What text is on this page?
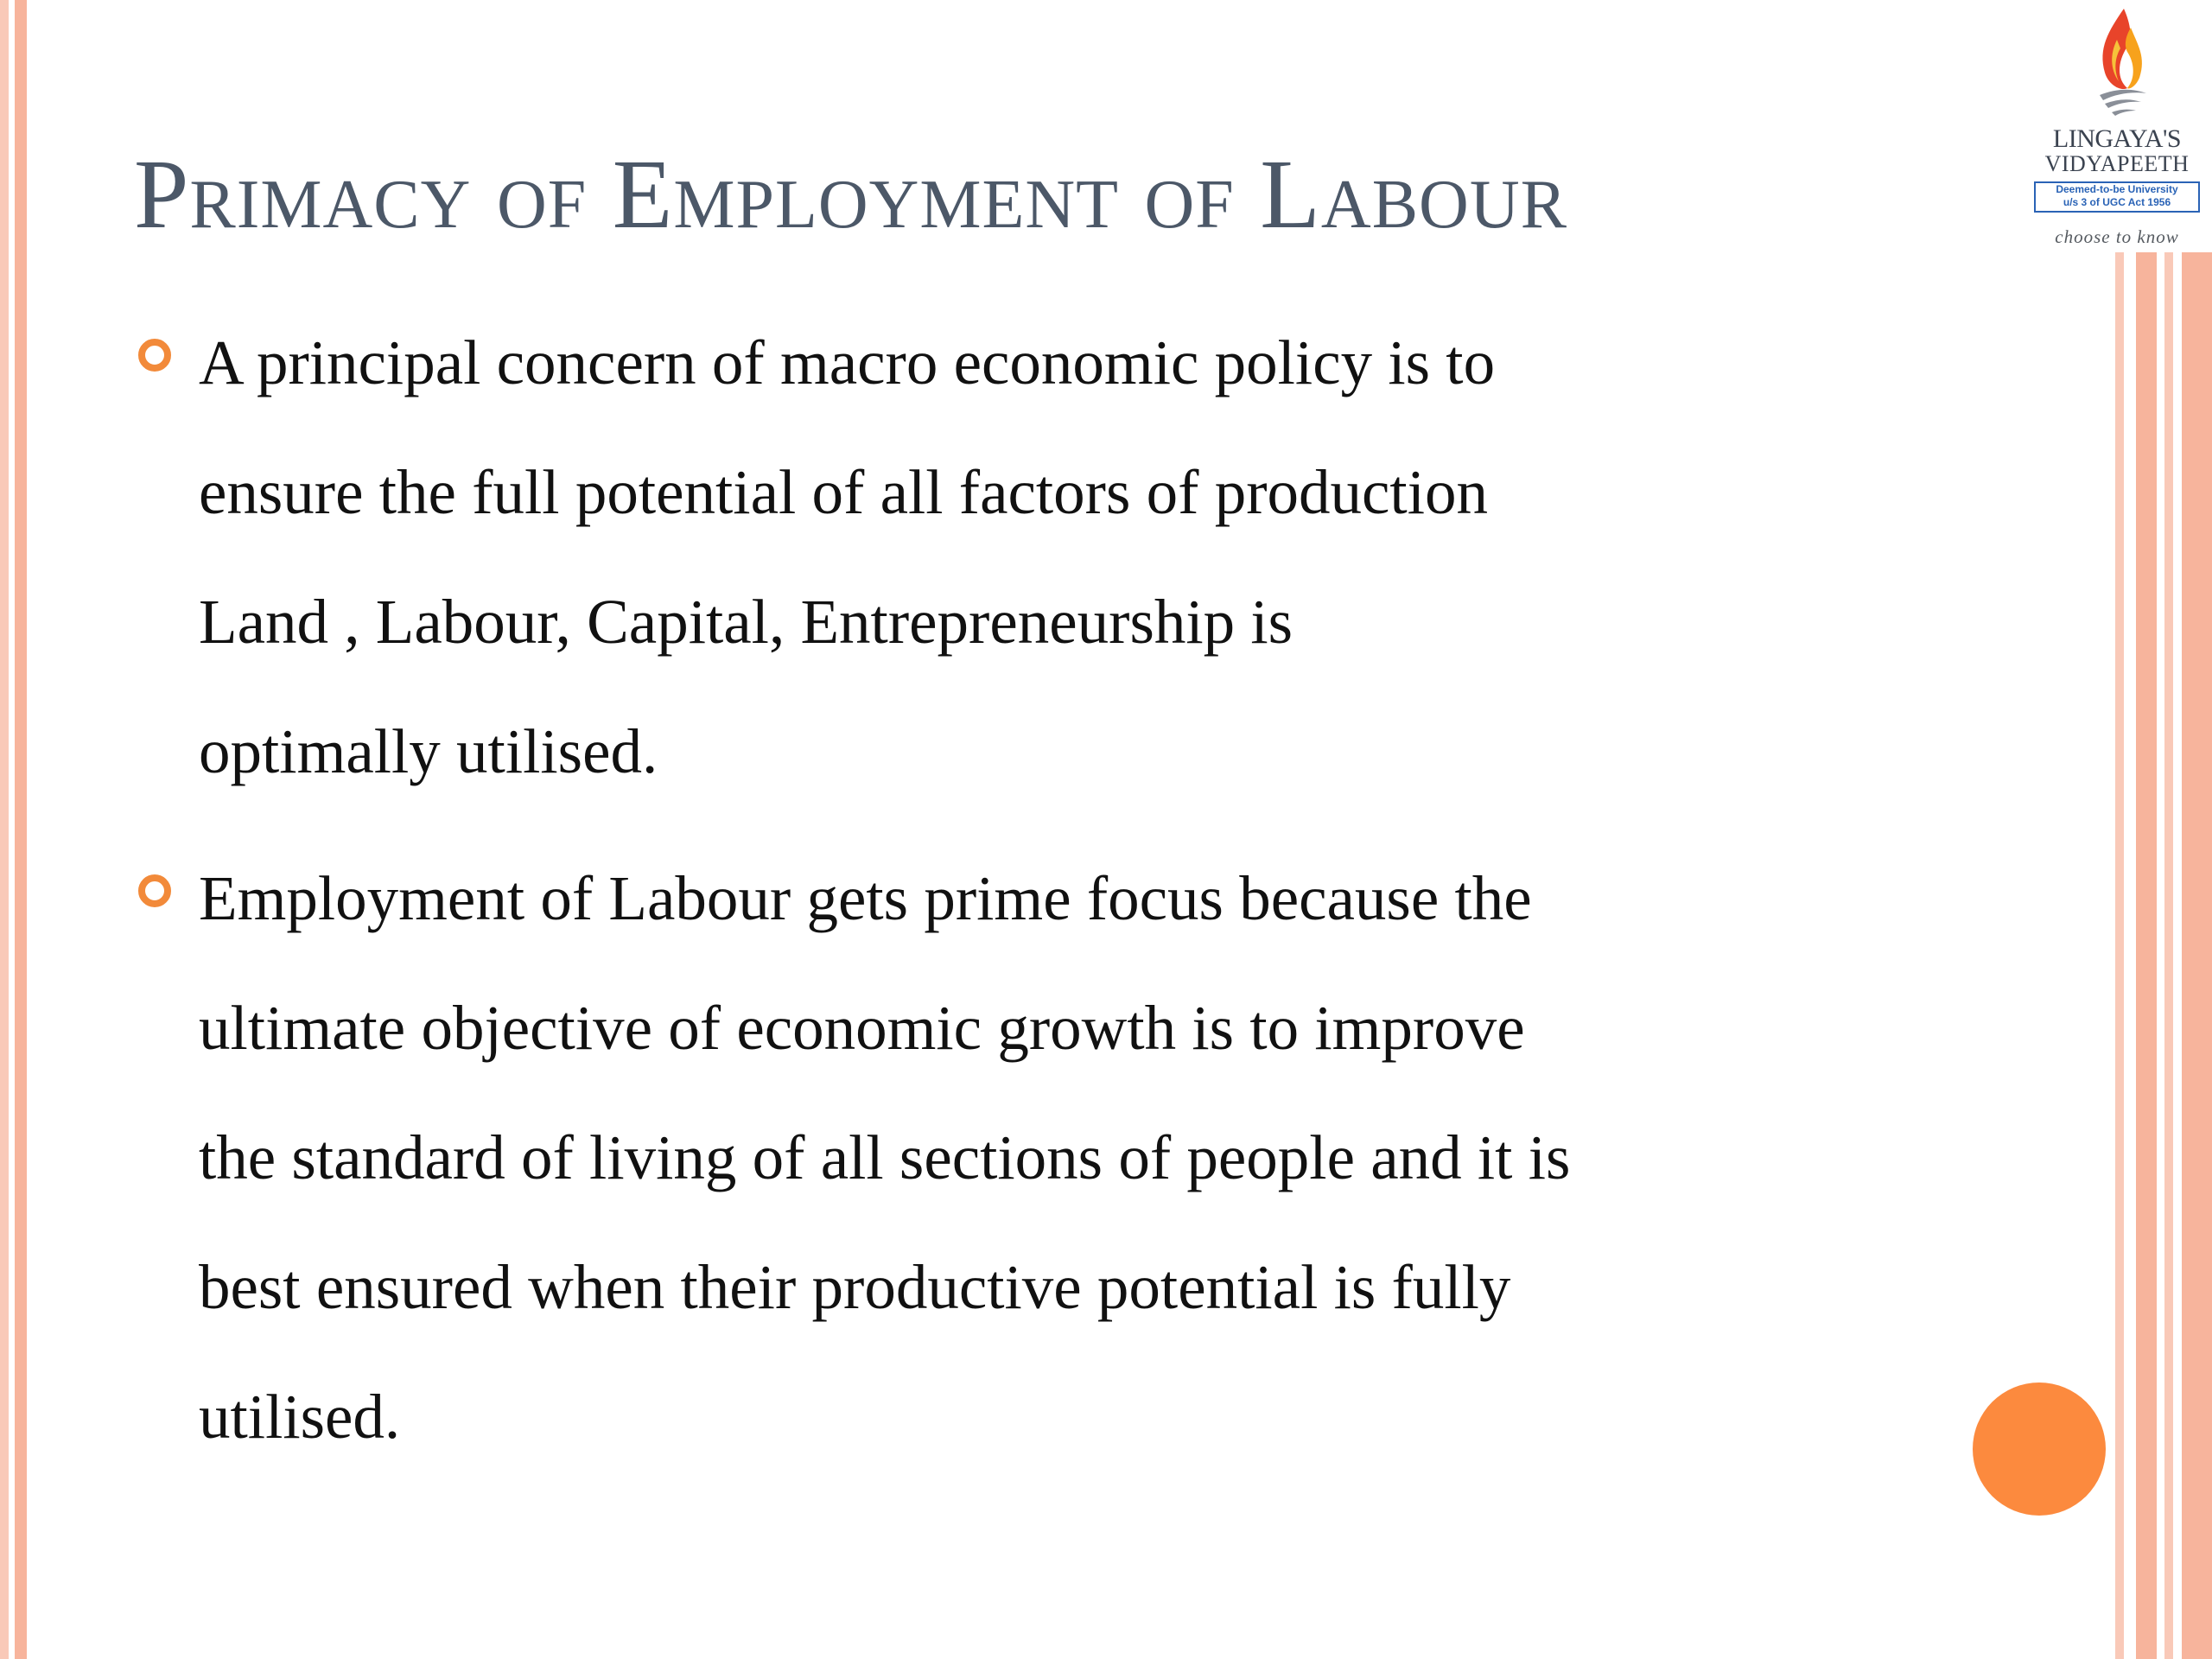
Primacy of Employment of Labour
A principal concern of macro economic policy is to
ensure the full potential of all factors of production
Land , Labour, Capital, Entrepreneurship is
optimally utilised.
Employment of Labour gets prime focus because the
ultimate objective of economic growth is to improve
the standard of living of all sections of people and it is
best ensured when their productive potential is fully
utilised.
LINGAYA'S
VIDYAPEETH
Deemed-to-be University
u/s 3 of UGC Act 1956
choose to know
